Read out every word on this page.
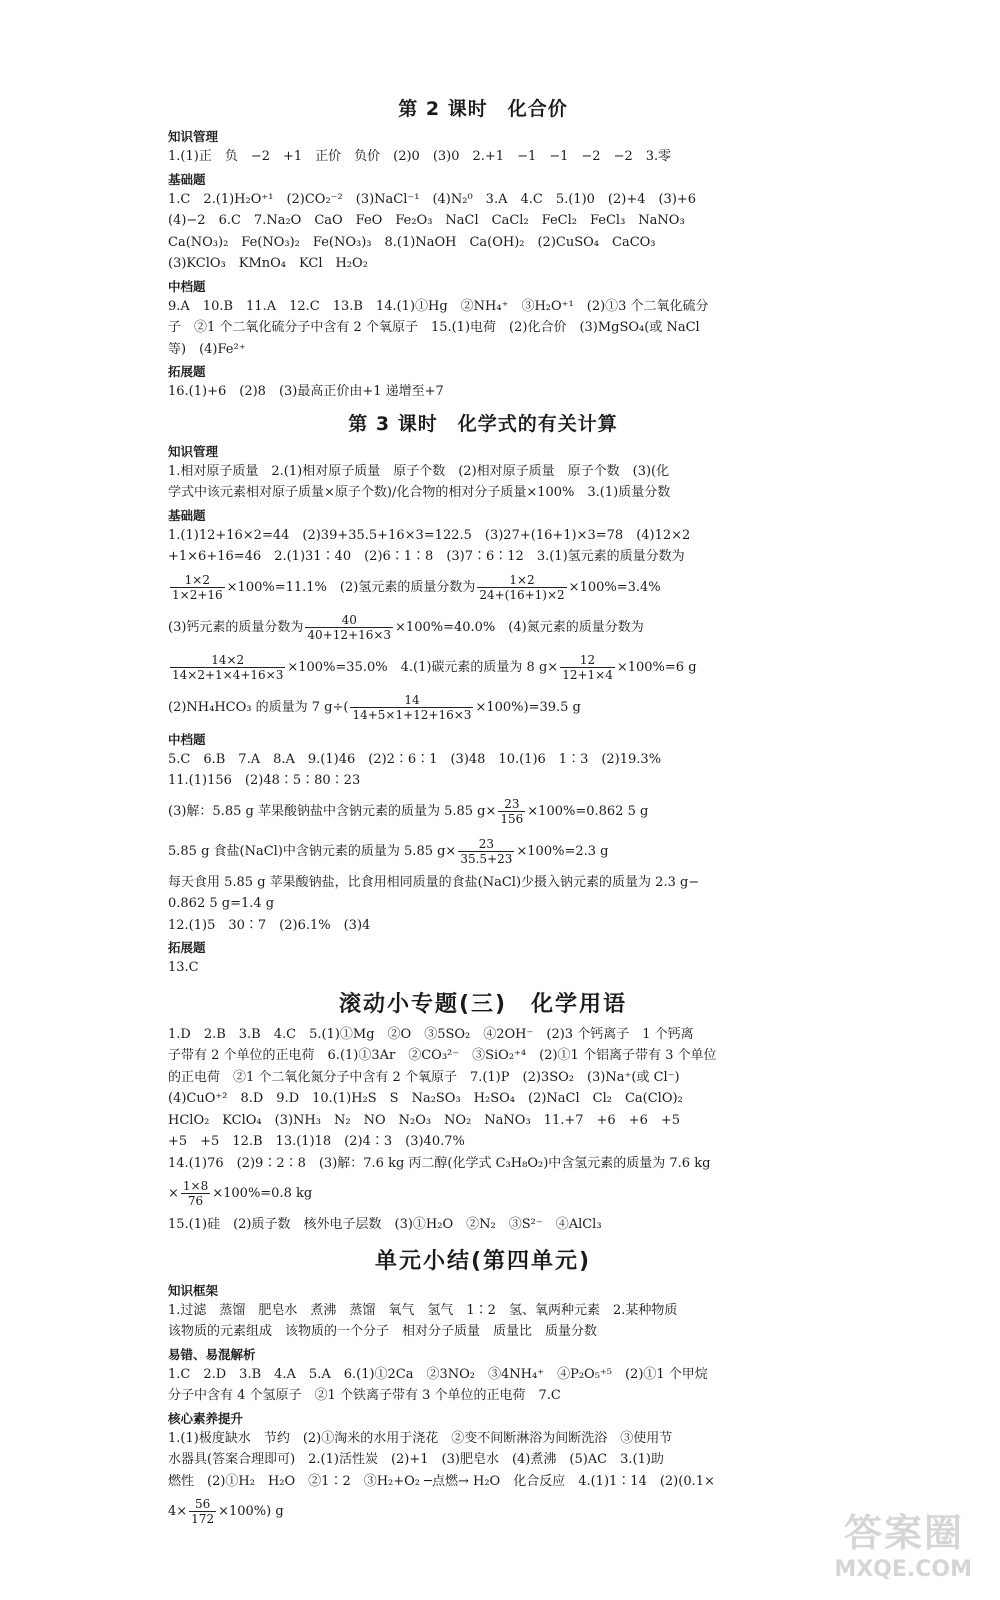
第 2 课时　化合价
知识管理

1.(1)正　负　−2　+1　正价　负价　(2)0　(3)0　2.+1　−1　−1　−2　−2　3.零

基础题

1.C　2.(1)H₂O⁺¹　(2)CO₂⁻²　(3)NaCl⁻¹　(4)N₂⁰　3.A　4.C　5.(1)0　(2)+4　(3)+6

(4)−2　6.C　7.Na₂O　CaO　FeO　Fe₂O₃　NaCl　CaCl₂　FeCl₂　FeCl₃　NaNO₃

Ca(NO₃)₂　Fe(NO₃)₂　Fe(NO₃)₃　8.(1)NaOH　Ca(OH)₂　(2)CuSO₄　CaCO₃

(3)KClO₃　KMnO₄　KCl　H₂O₂

中档题

9.A　10.B　11.A　12.C　13.B　14.(1)①Hg　②NH₄⁺　③H₂O⁺¹　(2)①3 个二氧化硫分

子　②1 个二氧化硫分子中含有 2 个氧原子　15.(1)电荷　(2)化合价　(3)MgSO₄(或 NaCl

等)　(4)Fe²⁺

拓展题

16.(1)+6　(2)8　(3)最高正价由+1 递增至+7

第 3 课时　化学式的有关计算
知识管理

1.相对原子质量　2.(1)相对原子质量　原子个数　(2)相对原子质量　原子个数　(3)(化

学式中该元素相对原子质量×原子个数)/化合物的相对分子质量×100%　3.(1)质量分数

基础题

1.(1)12+16×2=44　(2)39+35.5+16×3=122.5　(3)27+(16+1)×3=78　(4)12×2

+1×6+16=46　2.(1)31∶40　(2)6∶1∶8　(3)7∶6∶12　3.(1)氢元素的质量分数为

$\frac{1\times 2}{1\times 2+16} \times 100\%=11.1\%$　(2)氢元素的质量分数为 $\frac{1\times 2}{24+(16+1)\times 2} \times 100\%=3.4\%$

(3)钙元素的质量分数为 $\frac{40}{40+12+16\times 3} \times 100\%=40.0\%$　(4)氮元素的质量分数为

$\frac{14\times 2}{14\times 2+1\times 4+16\times 3} \times 100\%=35.0\%$　4.(1)碳元素的质量为 8 $g\times \frac{12}{12+1\times 4} \times 100\%=6$ g

(2)NH₄HCO₃ 的质量为 7 $g\div( \frac{14}{14+5\times 1+12+16\times 3} \times 100\%)=39.5$ g

中档题

5.C　6.B　7.A　8.A　9.(1)46　(2)2∶6∶1　(3)48　10.(1)6　1∶3　(2)19.3%

11.(1)156　(2)48∶5∶80∶23

(3)解：5.85 g 苹果酸钠盐中含钠元素的质量为 5.85 $g\times \frac{23}{156} \times 100\%=0.862$ 5 g

5.85 g 食盐(NaCl)中含钠元素的质量为 5.85 $g\times \frac{23}{35.5+23} \times 100\%=2.3$ g

每天食用 5.85 g 苹果酸钠盐，比食用相同质量的食盐(NaCl)少摄入钠元素的质量为 2.3 g−

0.862 5 g=1.4 g

12.(1)5　30∶7　(2)6.1%　(3)4

拓展题

13.C

滚动小专题(三)　化学用语

1.D　2.B　3.B　4.C　5.(1)①Mg　②O　③5SO₂　④2OH⁻　(2)3 个钙离子　1 个钙离

子带有 2 个单位的正电荷　6.(1)①3Ar　②CO₃²⁻　③SiO₂⁺⁴　(2)①1 个铝离子带有 3 个单位

的正电荷　②1 个二氧化氮分子中含有 2 个氧原子　7.(1)P　(2)3SO₂　(3)Na⁺(或 Cl⁻)

(4)CuO⁺²　8.D　9.D　10.(1)H₂S　S　Na₂SO₃　H₂SO₄　(2)NaCl　Cl₂　Ca(ClO)₂

HClO₂　KClO₄　(3)NH₃　N₂　NO　N₂O₃　NO₂　NaNO₃　11.+7　+6　+6　+5

+5　+5　12.B　13.(1)18　(2)4∶3　(3)40.7%

14.(1)76　(2)9∶2∶8　(3)解：7.6 kg 丙二醇(化学式 C₃H₈O₂)中含氢元素的质量为 7.6 kg

× $\frac{1\times 8}{76} \times 100\%=0.8$ kg

15.(1)硅　(2)质子数　核外电子层数　(3)①H₂O　②N₂　③S²⁻　④AlCl₃

单元小结(第四单元)
知识框架

1.过滤　蒸馏　肥皂水　煮沸　蒸馏　氧气　氢气　1∶2　氢、氧两种元素　2.某种物质

该物质的元素组成　该物质的一个分子　相对分子质量　质量比　质量分数

易错、易混解析

1.C　2.D　3.B　4.A　5.A　6.(1)①2Ca　②3NO₂　③4NH₄⁺　④P₂O₅⁺⁵　(2)①1 个甲烷

分子中含有 4 个氢原子　②1 个铁离子带有 3 个单位的正电荷　7.C

核心素养提升

1.(1)极度缺水　节约　(2)①淘米的水用于浇花　②变不间断淋浴为间断洗浴　③使用节

水器具(答案合理即可)　2.(1)活性炭　(2)+1　(3)肥皂水　(4)煮沸　(5)AC　3.(1)助

燃性　(2)①H₂　H₂O　②1∶2　③H₂+O₂ ─点燃→ H₂O　化合反应　4.(1)1∶14　(2)(0.1×

$4\times \frac{56}{172} \times 100\%$) g	答案圈
MXQE.COM
